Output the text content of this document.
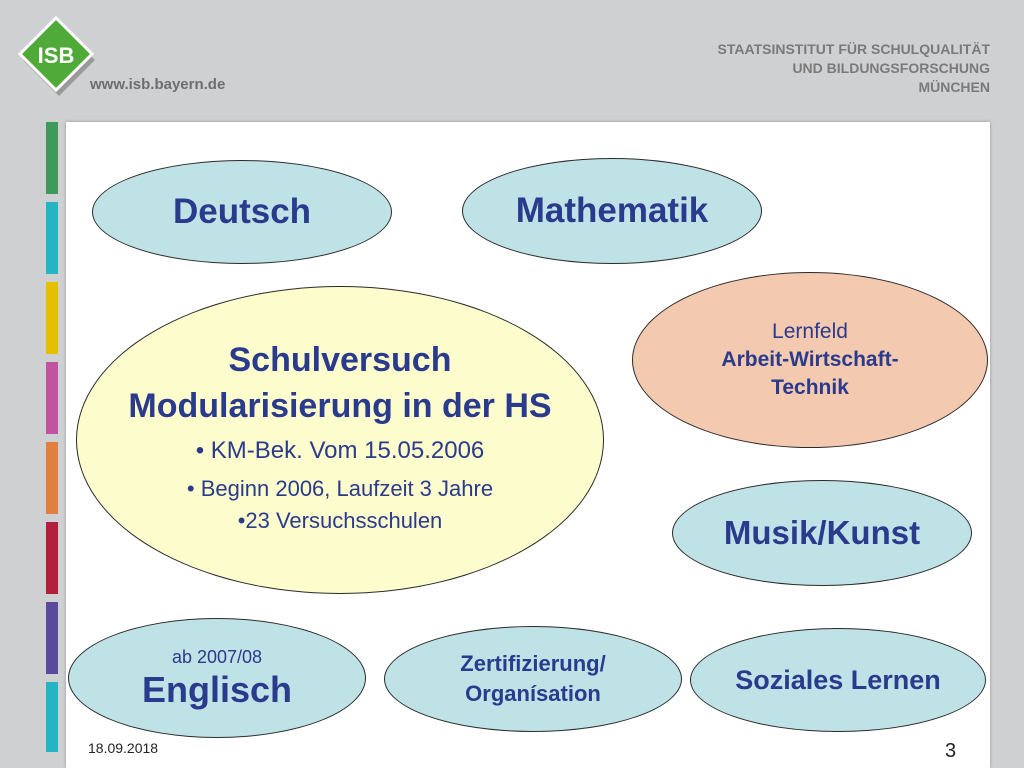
ISB
www.isb.bayern.de
STAATSINSTITUT FÜR SCHULQUALITÄT
UND BILDUNGSFORSCHUNG
MÜNCHEN
Deutsch	Mathematik
Lernfeld
Arbeit-Wirtschaft-
Technik
Schulversuch
Modularisierung in der HS
• KM-Bek. Vom 15.05.2006
• Beginn 2006, Laufzeit 3 Jahre
•23 Versuchsschulen	Musik/Kunst
ab 2007/08
Englisch
Zertifizierung/
Organísation	Soziales Lernen
18.09.2018	3
